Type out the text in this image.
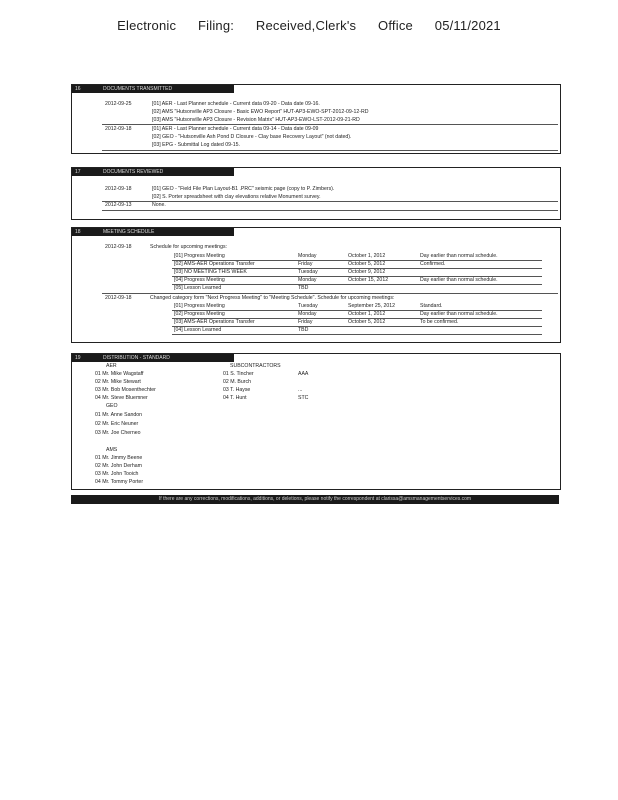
Electronic Filing: Received,Clerk's Office 05/11/2021
16	DOCUMENTS TRANSMITTED
2012-09-25	[01] AER - Last Planner schedule - Current data 09-20 - Data date 09-16.
[02] AMS "Hutsonville AP3 Closure - Basic EWO Report" HUT-AP3-EWO-SPT-2012-09-12-RD
[03] AMS "Hutsonville AP3 Closure - Revision Matrix" HUT-AP3-EWO-LST-2012-09-21-RD
2012-09-18	[01] AER - Last Planner schedule - Current data 09-14 - Data date 09-09
[02] GEO - "Hutsonville Ash Pond D Closure - Clay base Recovery Layout" (not dated).
[03] EPG - Submittal Log dated 09-15.
17	DOCUMENTS REVIEWED
2012-09-18	[01] GEO - "Field File Plan Layout-B1 .PRC" seismic page (copy to P. Zimbers).
[02] S. Porter spreadsheet with clay elevations relative Monument survey.
2012-09-13	None.
18	MEETING SCHEDULE
2012-09-18	Schedule for upcoming meetings:
[01] Progress Meeting	Monday	October 1, 2012	Day earlier than normal schedule.
[02] AMS-AER Operations Transfer	Friday	October 5, 2012	Confirmed.
[03] NO MEETING THIS WEEK	Tuesday	October 9, 2012
[04] Progress Meeting	Monday	October 15, 2012	Day earlier than normal schedule.
[05] Lesson Learned	TBD
2012-09-18	Changed category form "Next Progress Meeting" to "Meeting Schedule". Schedule for upcoming meetings:
[01] Progress Meeting	Tuesday	September 25, 2012	Standard.
[02] Progress Meeting	Monday	October 1, 2012	Day earlier than normal schedule.
[03] AMS-AER Operations Transfer	Friday	October 5, 2012	To be confirmed.
[04] Lesson Learned	TBD
19	DISTRIBUTION - STANDARD
AER
01 Mr. Mike Wagstaff
02 Mr. Mike Stewart
03 Mr. Bob Mosenthechter
04 Mr. Steve Bluemner
GEO
01 Mr. Anne Sandon
02 Mr. Eric Neuner
03 Mr. Joe Cherneo
AMS
01 Mr. Jimmy Beene
02 Mr. John Derham
03 Mr. John Tooich
04 Mr. Tommy Porter
SUBCONTRACTORS
01 S. Tincher	AAA
02 M. Burch
03 T. Hayse	...
04 T. Hunt	STC
If there are any corrections, modifications, additions, or deletions, please notify the correspondent at clarissa@amsmanagementservices.com
